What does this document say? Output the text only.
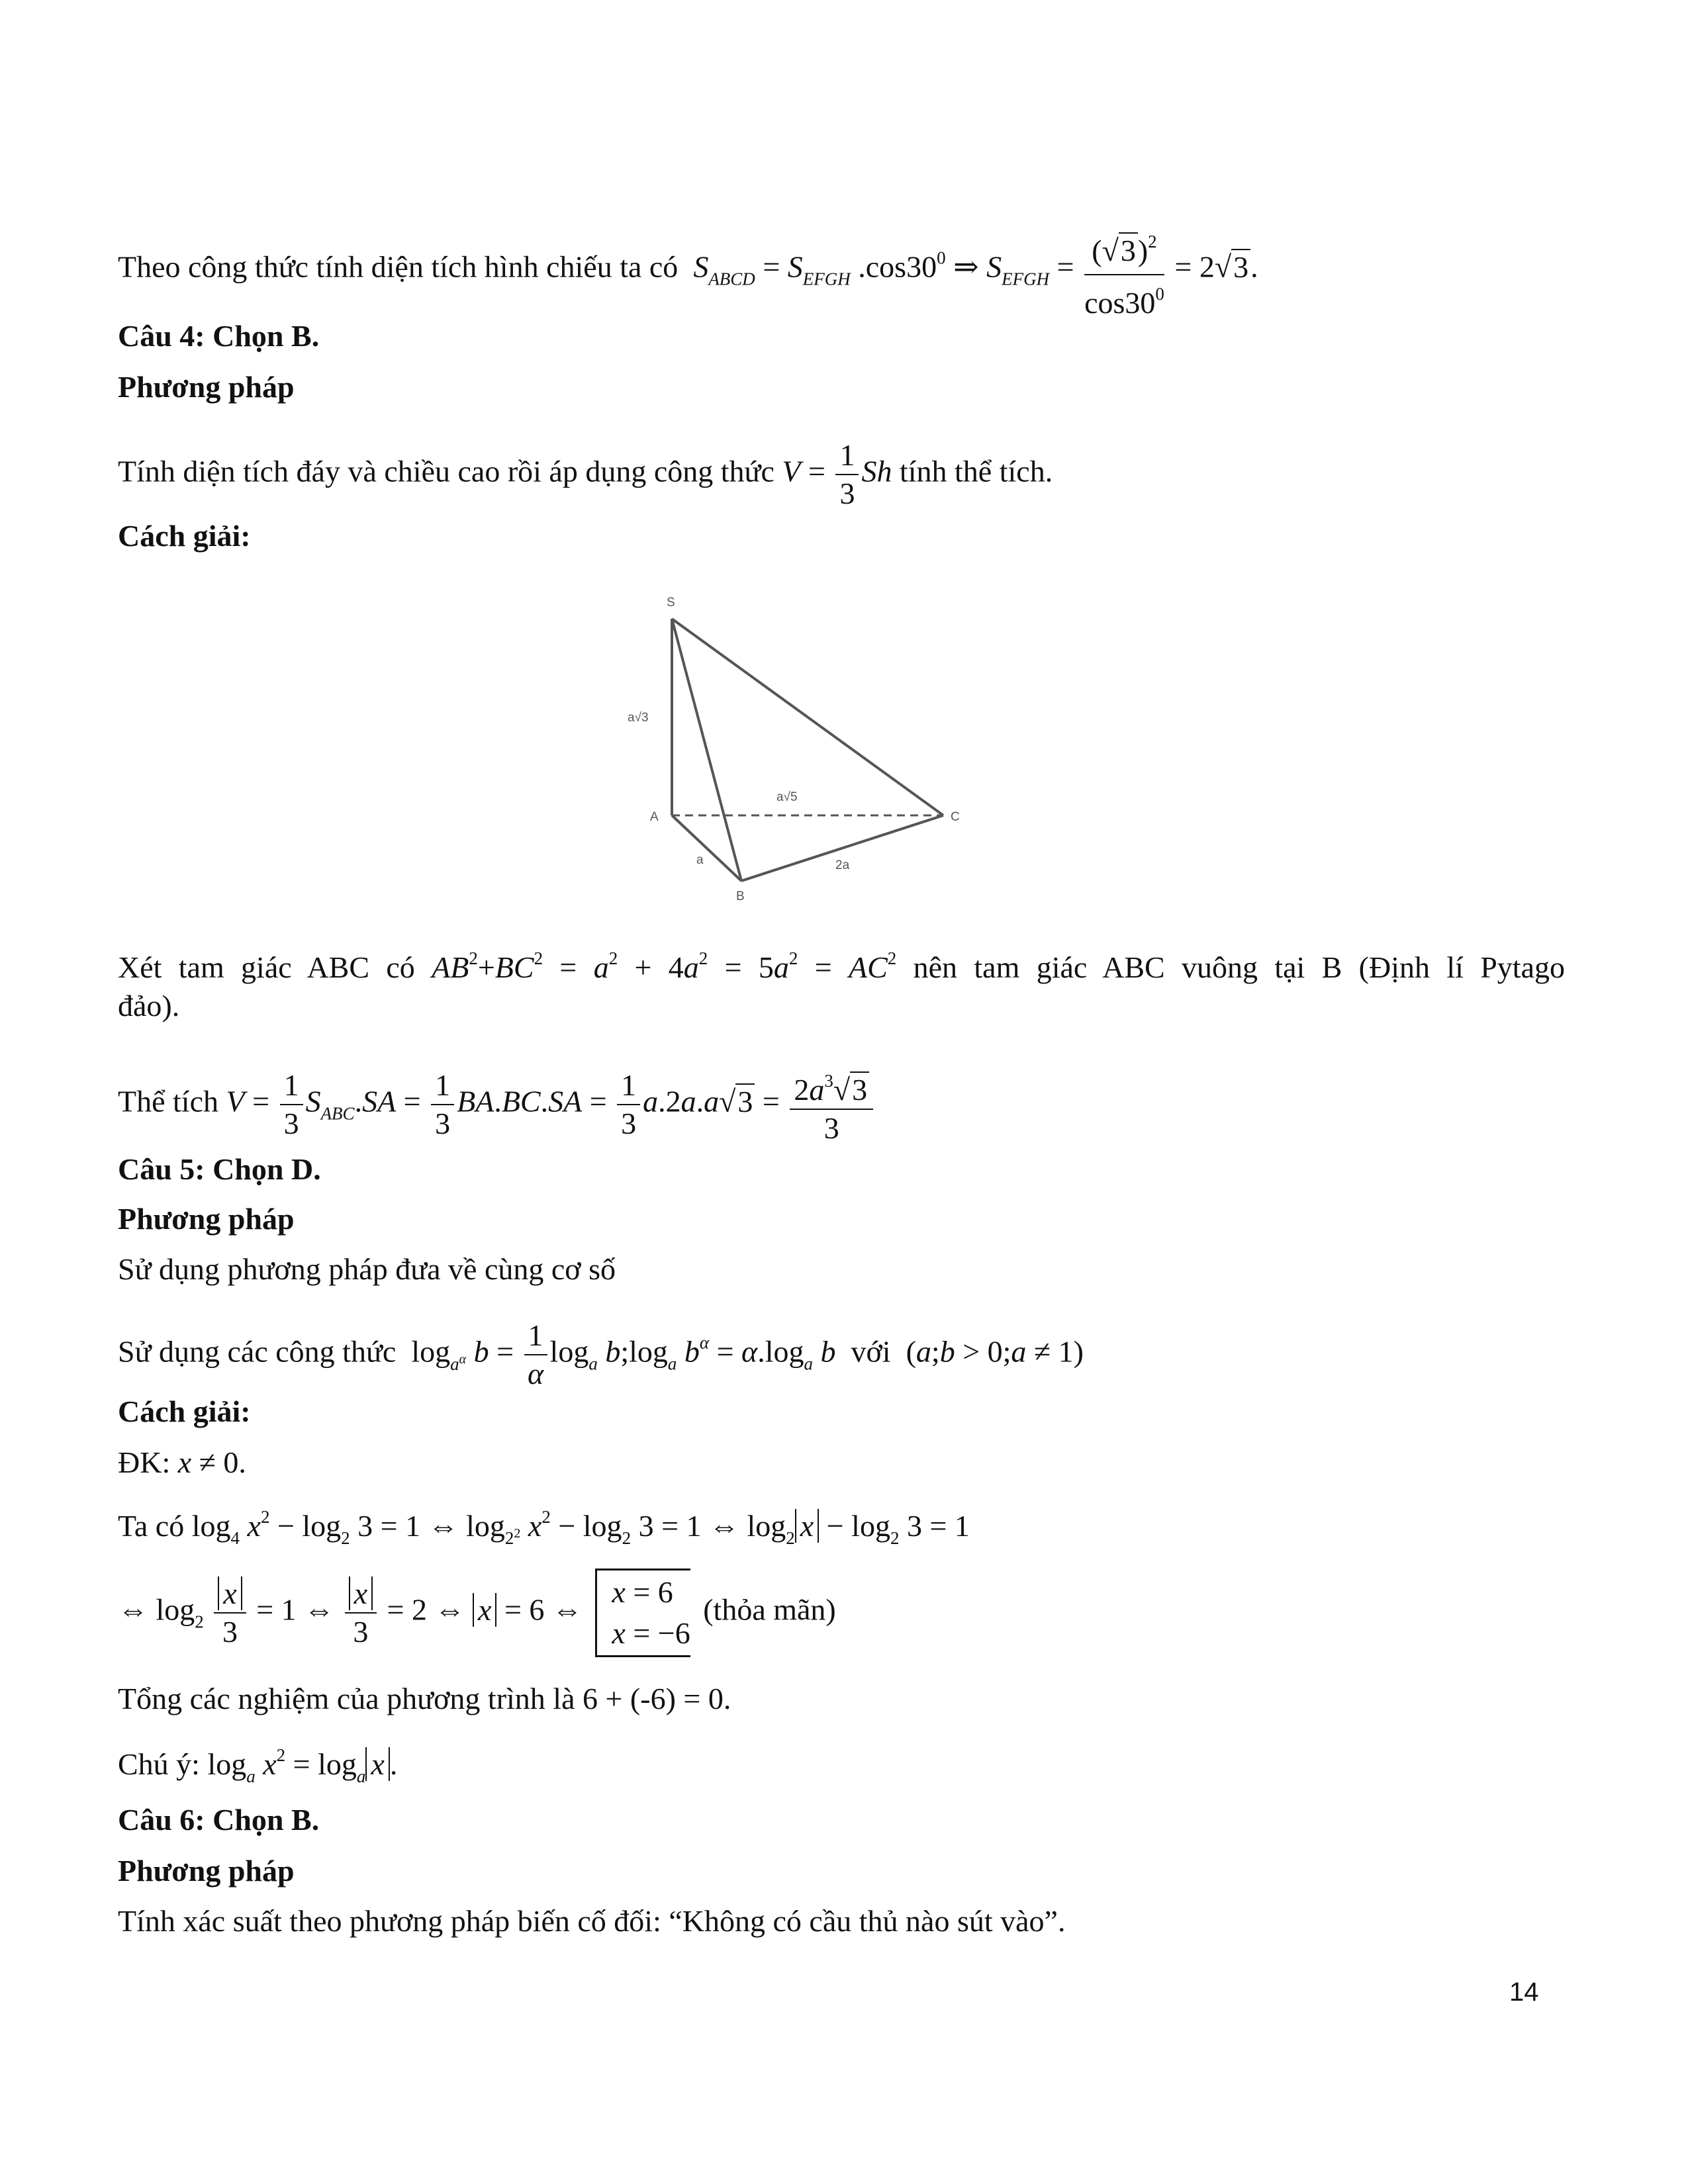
Theo công thức tính diện tích hình chiếu ta có $S_{ABCD} = S_{EFGH}$ $.\cos 30^0$ ⇒ $S_{EFGH} = \frac{(√3)^2}{\cos 30^0} = 2√3$.
Câu 4: Chọn B.
Phương pháp
Tính diện tích đáy và chiều cao rồi áp dụng công thức $V = \frac{1}{3}$ Sh tính thể tích.
Cách giải:
S
A
B
C
a√3
a√5
a	2a
Xét tam giác ABC có $AB^2+BC^2 = a^2 + 4a^2 = 5a^2 = AC^2$ nên tam giác ABC vuông tại B (Định lí Pytago
đảo).
Thể tích $V = \frac{1}{3} S_{ABC}.SA = \frac{1}{3} BA.BC.SA = \frac{1}{3} a.2a.a√3 = \frac{2a^3√3}{3}$
Câu 5: Chọn D.
Phương pháp
Sử dụng phương pháp đưa về cùng cơ số
Sử dụng các công thức  $\log_{a^\alpha} b = \frac{1}{\alpha} \log_a$ $b;\log_a$ $b^\alpha = \alpha.\log_a$ b với  (a;b > 0;a ≠ 1)
Cách giải:
ĐK: x ≠ 0.
Ta có $\log_4 x^2 - \log_2 3 = 1$ ⇔ $\log_{2^2} x^2 - \log_2 3 = 1$ ⇔ $\log_2 x - \log_2 3 = 1$
⇔ $\log_2 \frac{x}{3} = 1$ ⇔ $\frac{x}{3} = 2$ ⇔ x = 6 ⇔
x = 6
x = −6
(thỏa mãn)
Tổng các nghiệm của phương trình là 6 + (-6) = 0.
Chú ý: $\log_a x^2 = \log_a x$ .
Câu 6: Chọn B.
Phương pháp
Tính xác suất theo phương pháp biến cố đối: “Không có cầu thủ nào sút vào”.
14
